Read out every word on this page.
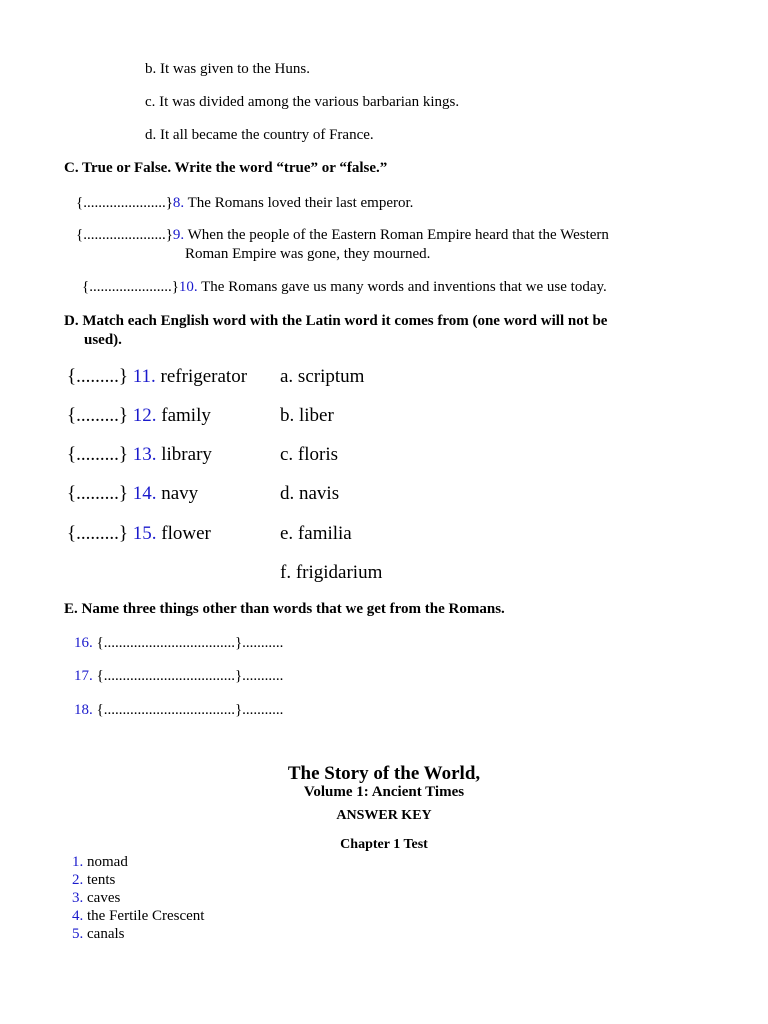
b. It was given to the Huns.
c. It was divided among the various barbarian kings.
d. It all became the country of France.
C. True or False. Write the word “true” or “false.”
{......................}8. The Romans loved their last emperor.
{......................}9. When the people of the Eastern Roman Empire heard that the Western
Roman Empire was gone, they mourned.
{......................}10. The Romans gave us many words and inventions that we use today.
D. Match each English word with the Latin word it comes from (one word will not be
used).
{.........} 11. refrigerator a. scriptum
{.........} 12. family	b. liber
{.........} 13. library	c. floris
{.........} 14. navy	d. navis
{.........} 15. flower	e. familia
f. frigidarium
E. Name three things other than words that we get from the Romans.
16. {...................................}...........
17. {...................................}...........
18. {...................................}...........
The Story of the World,
Volume 1: Ancient Times
ANSWER KEY
Chapter 1 Test
1. nomad
2. tents
3. caves
4. the Fertile Crescent
5. canals
